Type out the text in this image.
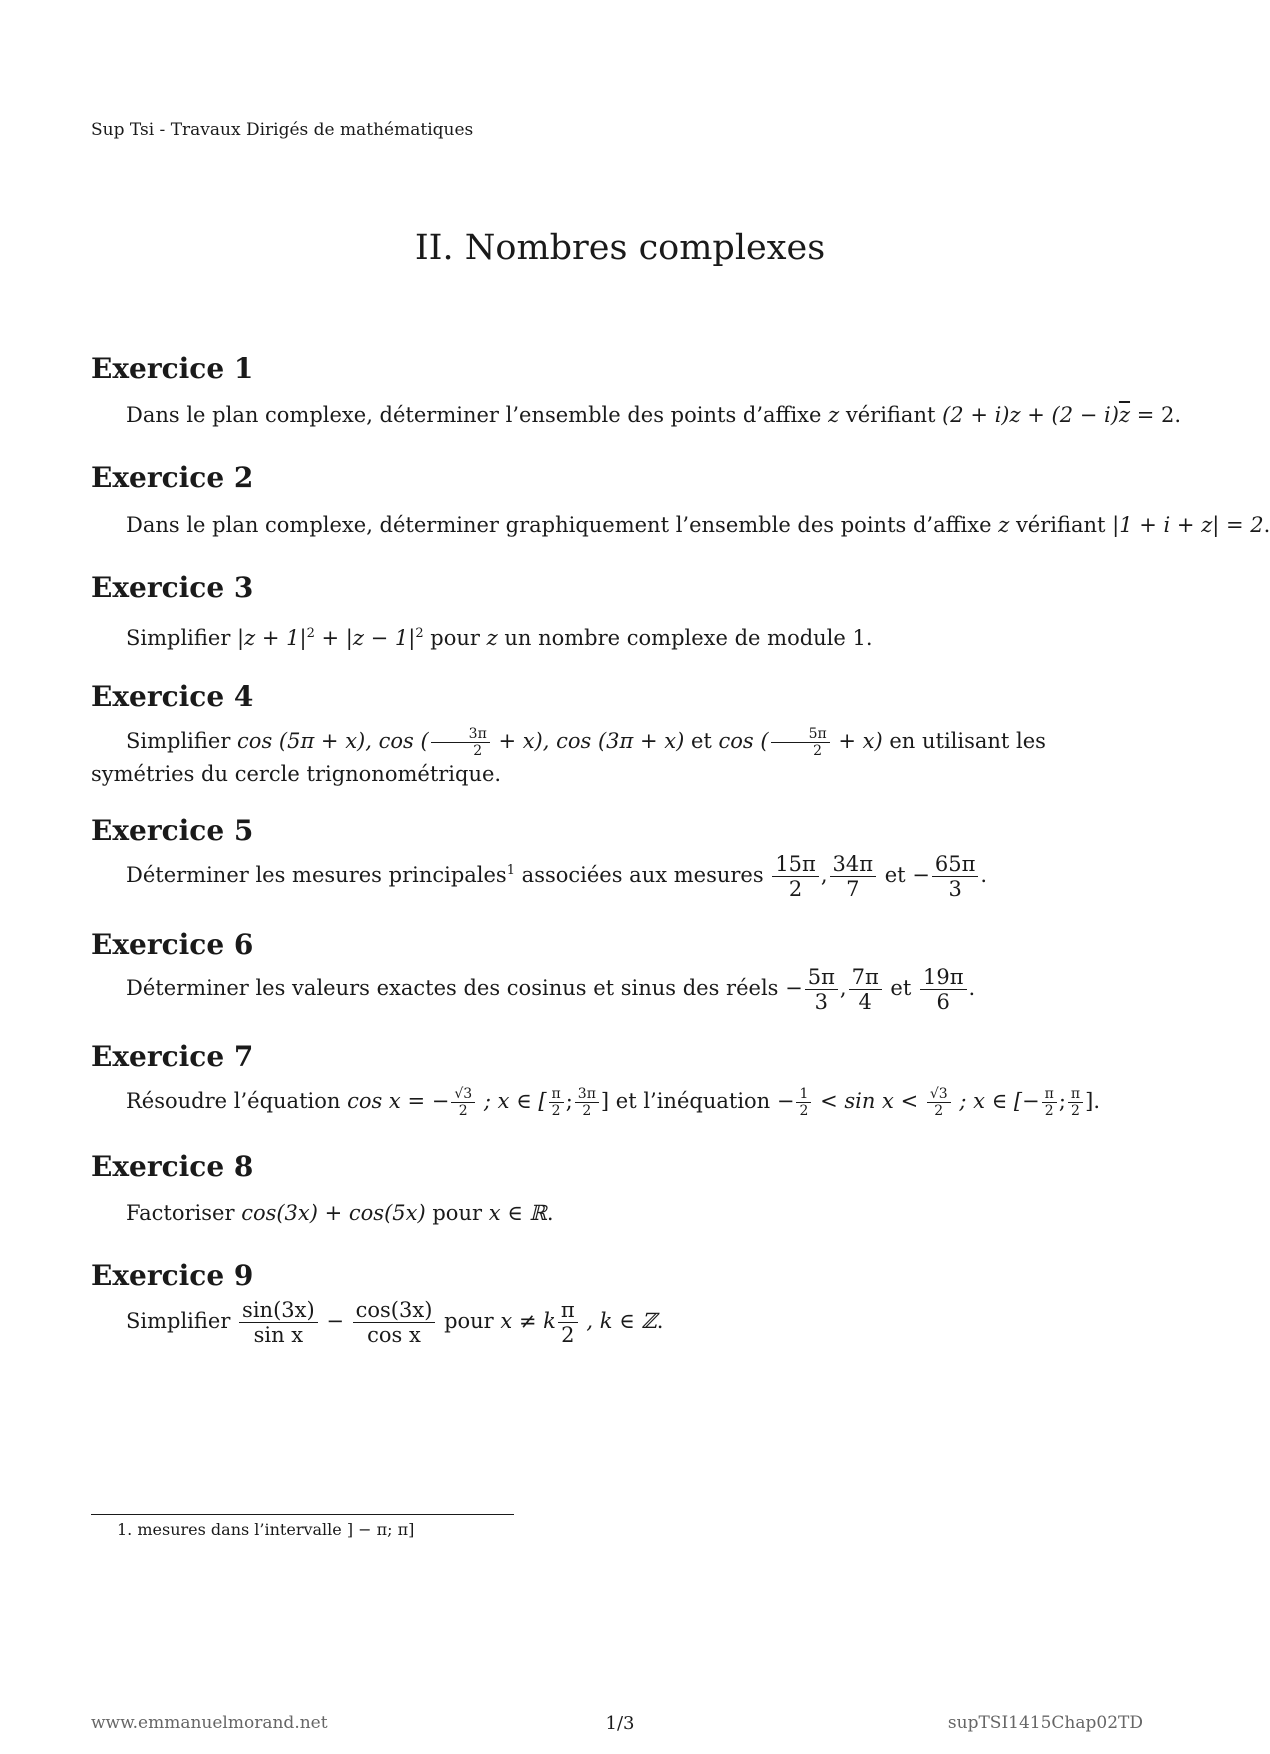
Sup Tsi - Travaux Dirigés de mathématiques
II. Nombres complexes
Exercice 1
Dans le plan complexe, déterminer l’ensemble des points d’affixe z vérifiant $(2 + i)z + (2 - i)\overline{z} = 2$.
Exercice 2
Dans le plan complexe, déterminer graphiquement l’ensemble des points d’affixe z vérifiant |1 + i + z| = 2.
Exercice 3
Simplifier $|z + 1|^2 + |z - 1|^2$ pour z un nombre complexe de module 1.
Exercice 4
Simplifier cos (5π + x), cos ( $\frac{3\pi}{2} + x$), cos (3π + x) et cos ( $\frac{5\pi}{2} + x$) en utilisant les symétries du cercle trignonométrique.
Exercice 5
Déterminer les mesures principales$^1$ associées aux mesures $\frac{15\pi}{2}$ , $\frac{34\pi}{7}$ et − $\frac{65\pi}{3}$ .
Exercice 6
Déterminer les valeurs exactes des cosinus et sinus des réels − $\frac{5\pi}{3}$ , $\frac{7\pi}{4}$ et $\frac{19\pi}{6}$ .
Exercice 7
Résoudre l’équation cos x = − $\frac{√3}{2}$ ; x ∈ [ $\frac{\pi}{2}$ ; $\frac{3\pi}{2}$ ] et l’inéquation − $\frac{1}{2} < \sin x < \frac{√3}{2}$ ; x ∈ [− $\frac{\pi}{2}$ ; $\frac{\pi}{2}$ ].
Exercice 8
Factoriser cos(3x) + cos(5x) pour x ∈ ℝ.
Exercice 9
Simplifier $\frac{\sin(3x)}{\text{sin x}} - \frac{\cos(3x)}{\text{cos x}}$ pour x ≠ k $\frac{\pi}{2}$ , k ∈ ℤ.
1. mesures dans l’intervalle ] − π; π]
www.emmanuelmorand.net	1/3	supTSI1415Chap02TD
